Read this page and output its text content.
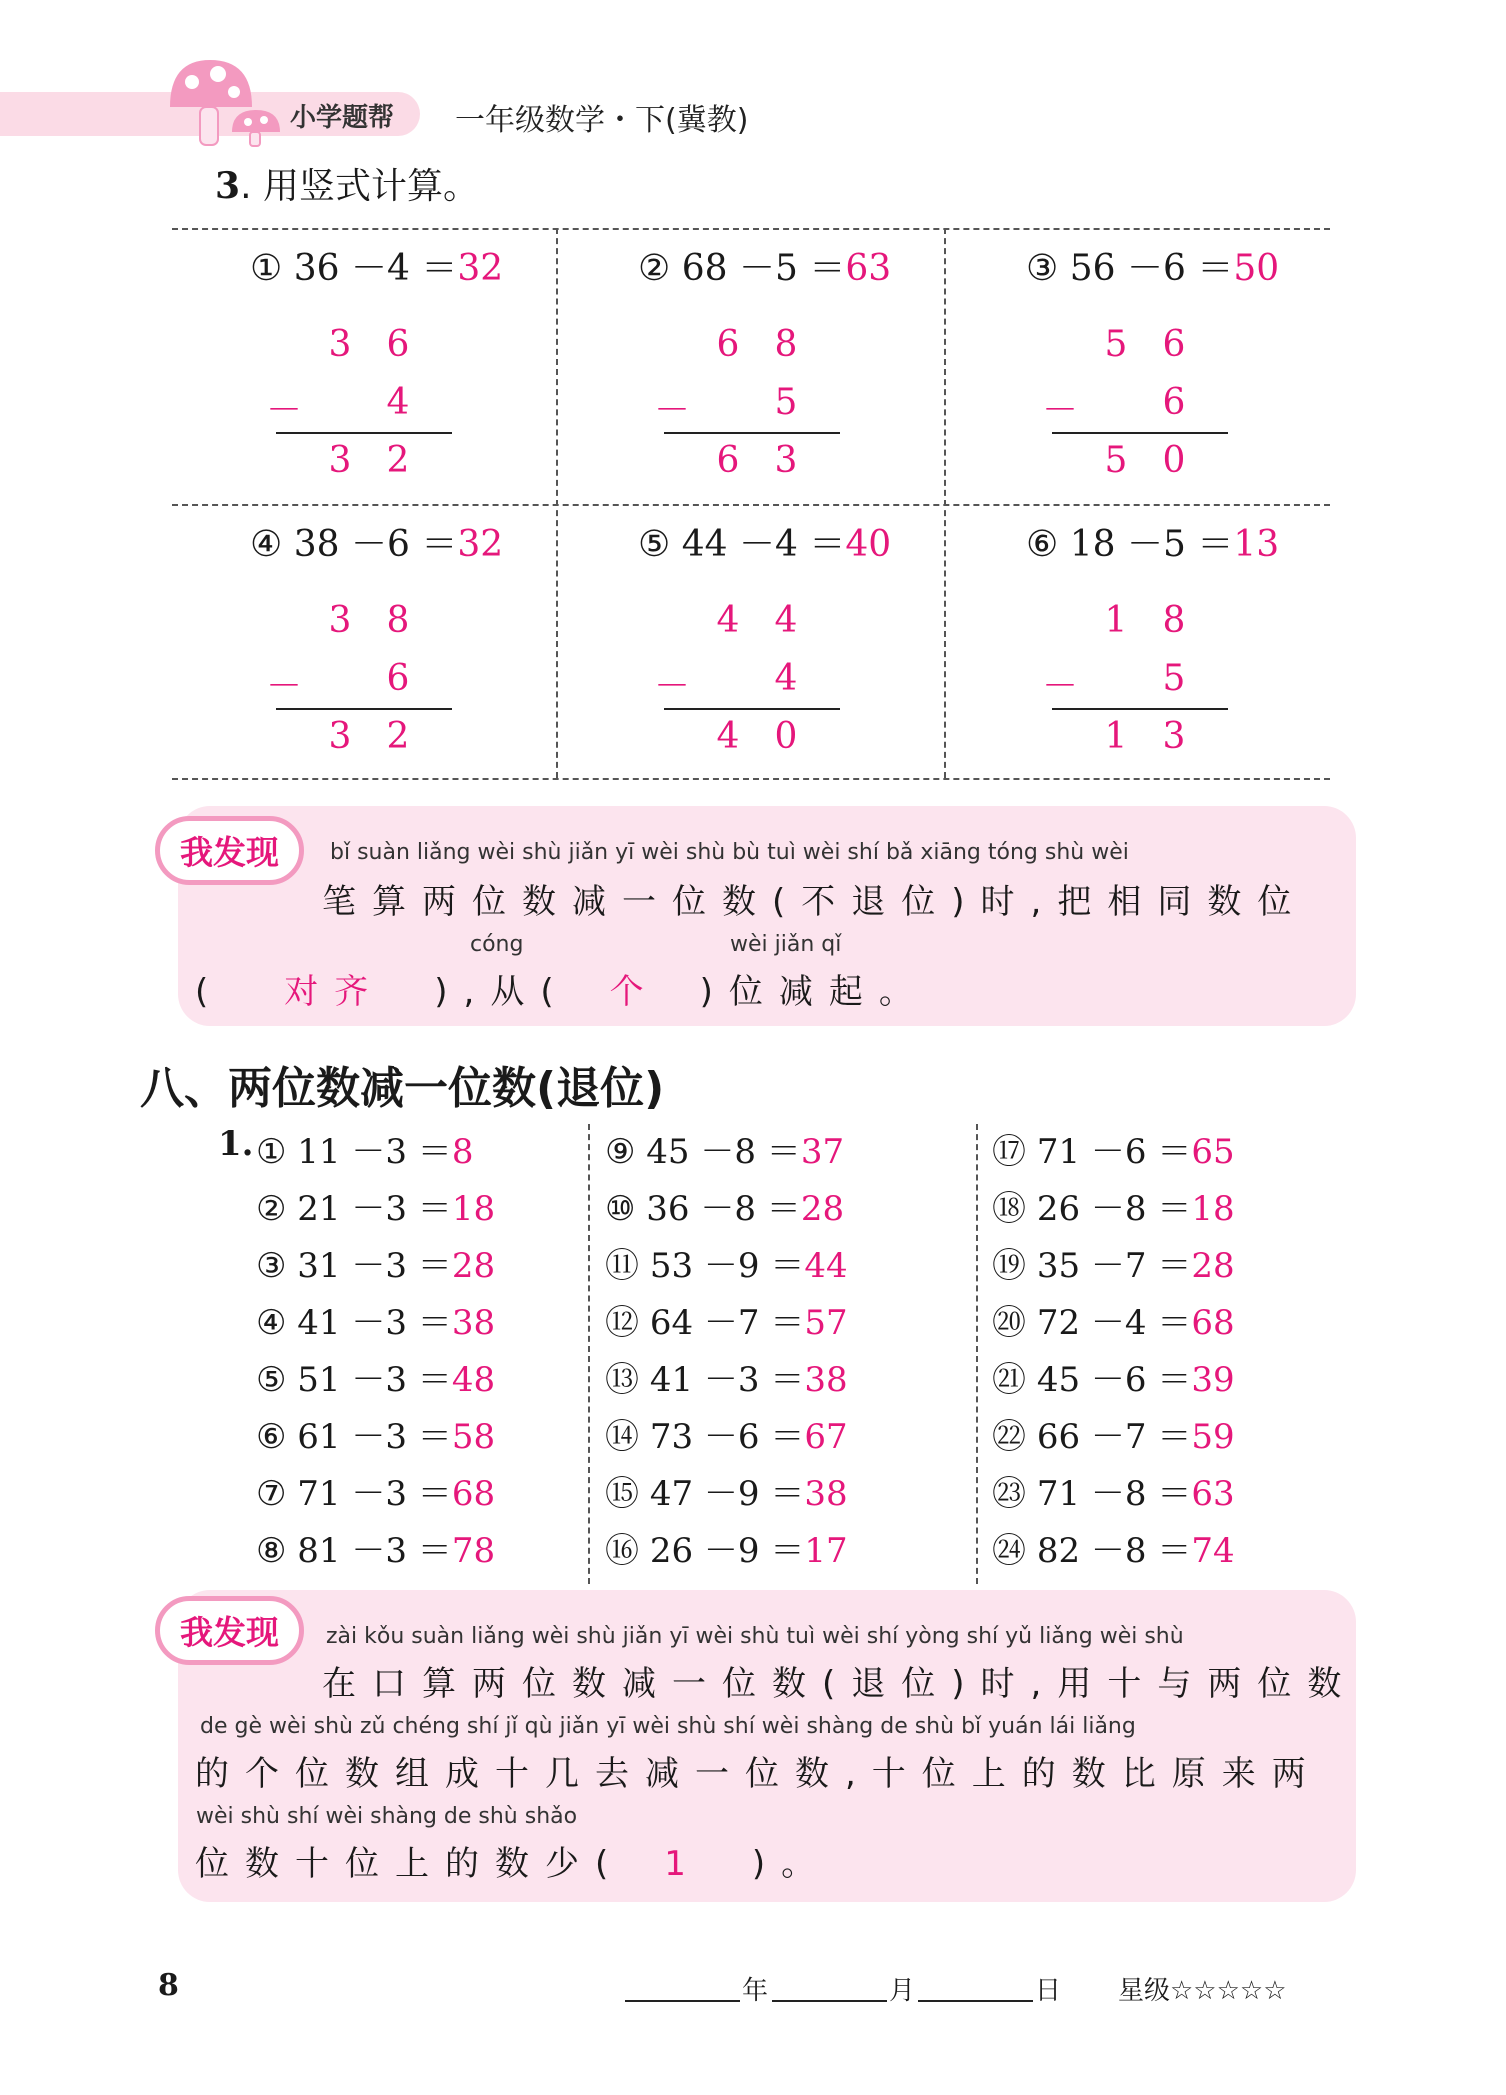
小学题帮 一年级数学・下(冀教)
3. 用竖式计算。
① 36 －4 ＝32
3 6
4
3 2
－
② 68 －5 ＝63
6 8
5
6 3
－
③ 56 －6 ＝50
5 6
6
5 0
－
④ 38 －6 ＝32
3 8
6
3 2
－
⑤ 44 －4 ＝40
4 4
4
4 0
－
⑥ 18 －5 ＝13
1 8
5
1 3
－
我发现	bǐ suàn liǎng wèi shù jiǎn yī wèi shù bù tuì wèi shí bǎ xiāng tóng shù wèi
笔算两位数减一位数(不退位)时,把相同数位
cóng	wèi jiǎn qǐ
( 对齐 ),从( 个 )位减起。
八、两位数减一位数(退位)
1. ① 11 －3 ＝8
② 21 －3 ＝18
③ 31 －3 ＝28
④ 41 －3 ＝38
⑤ 51 －3 ＝48
⑥ 61 －3 ＝58
⑦ 71 －3 ＝68
⑧ 81 －3 ＝78
⑨ 45 －8 ＝37
⑩ 36 －8 ＝28
⑪ 53 －9 ＝44
⑫ 64 －7 ＝57
⑬ 41 －3 ＝38
⑭ 73 －6 ＝67
⑮ 47 －9 ＝38
⑯ 26 －9 ＝17
⑰ 71 －6 ＝65
⑱ 26 －8 ＝18
⑲ 35 －7 ＝28
⑳ 72 －4 ＝68
㉑ 45 －6 ＝39
㉒ 66 －7 ＝59
㉓ 71 －8 ＝63
㉔ 82 －8 ＝74
我发现	zài kǒu suàn liǎng wèi shù jiǎn yī wèi shù tuì wèi shí yòng shí yǔ liǎng wèi shù
在口算两位数减一位数(退位)时,用十与两位数
de gè wèi shù zǔ chéng shí jǐ qù jiǎn yī wèi shù shí wèi shàng de shù bǐ yuán lái liǎng
的个位数组成十几去减一位数,十位上的数比原来两
wèi shù shí wèi shàng de shù shǎo
位数十位上的数少( 1 )。
8	年	月	日 星级☆☆☆☆☆
